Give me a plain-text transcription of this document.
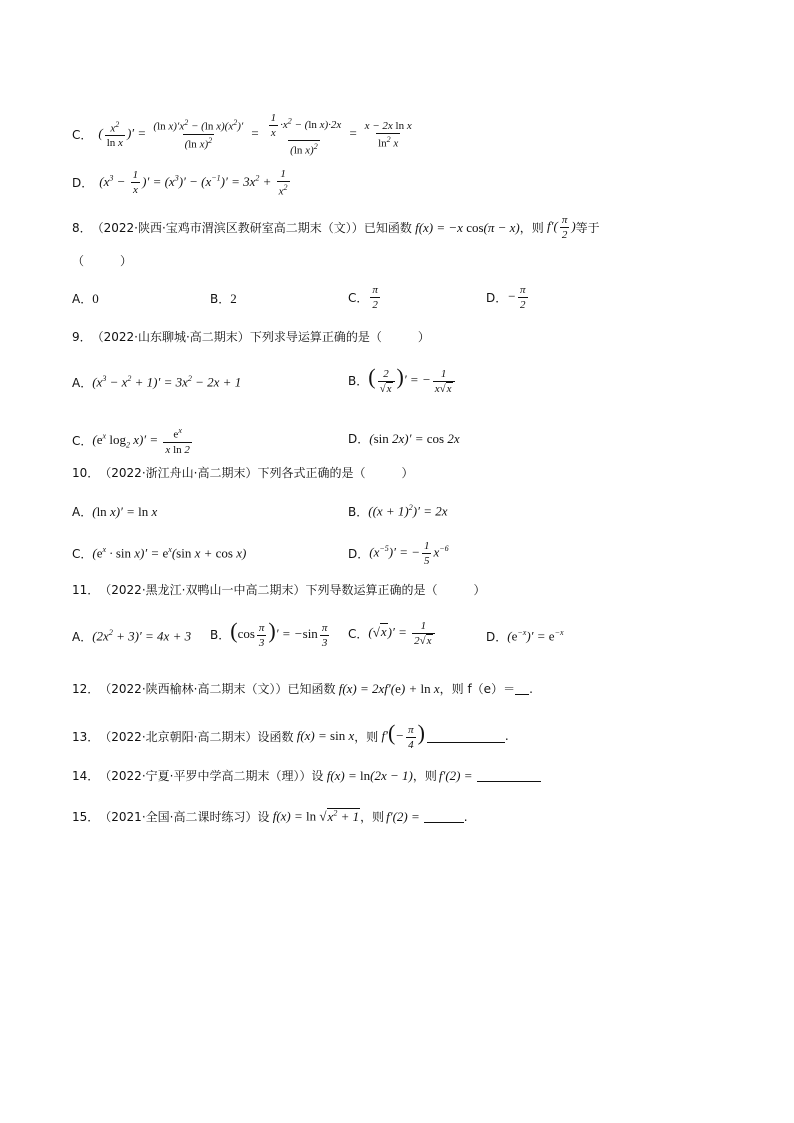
C． ( $\frac{x^2}{\text{ln x}}$ )′ = $\frac{(\ln x)'x^2 - (\ln x)(x^2)'}{(\ln x)^2} = \frac{\frac{1}{x} \cdot x^2 - (\ln x)\cdot 2x}{(\ln x)^2} = \frac{\text{x − 2x ln x}}{\ln^2 x}$
D． ($x^3 - \frac{1}{x}$ )′ = $(x^3)' - (x^{-1})' = 3x^2 + \frac{1}{x^2}$
8． （2022·陕西·宝鸡市渭滨区教研室高二期末（文）） 已知函数 f(x) = −x cos(π − x) ，则 $f'( \frac{\pi}{2}$ ) 等于
（　　　）
A． 0	B． 2	C． $\frac{\pi}{2}$	D． − $\frac{\pi}{2}$
9． （2022·山东聊城·高二期末） 下列求导运算正确的是（　　　）
A． $(x^3 - x^2 + 1)' = 3x^2 - 2x + 1$	B． ( $\frac{2}{√x}$ )′ = − $\frac{1}{x√x}$
C． ($e^x$ $\log_2 x)' = \frac{e^x}{\text{x ln 2}}$	D． (sin 2x)′ = cos 2x
10． （2022·浙江舟山·高二期末） 下列各式正确的是（　　　）
A． (ln x)′ = ln x	B． $((x + 1)^2)' = 2x$
C． $(e^x \cdot \sin x)' = e^x(\sin$ x + cos x)	D． $(x^{-5})'$ = − $\frac{1}{5} x^{-6}$
11． （2022·黑龙江·双鸭山一中高二期末） 下列导数运算正确的是（　　　）
A． $(2x^2 + 3)' = 4x + 3$ B． ($\cos \frac{\pi}{3}$ )′ = $-\sin \frac{\pi}{3}$ C． $(√x)' = \frac{1}{2√x}$	D． $(e^{-x})' = e^{-x}$
12． （2022·陕西榆林·高二期末（文）） 已知函数 f(x) = 2xf′(e) + ln x ，则 f（e）＝ .
13． （2022·北京朝阳·高二期末） 设函数 f(x) = sin x ，则 $f'(- \frac{\pi}{4}$ )	.
14． （2022·宁夏·平罗中学高二期末（理）） 设 f(x) = ln(2x − 1) ，则 f′(2) =
15． （2021·全国·高二课时练习） 设 $f(x) = \ln √x^2 + 1$ ，则 f′(2) =	.
